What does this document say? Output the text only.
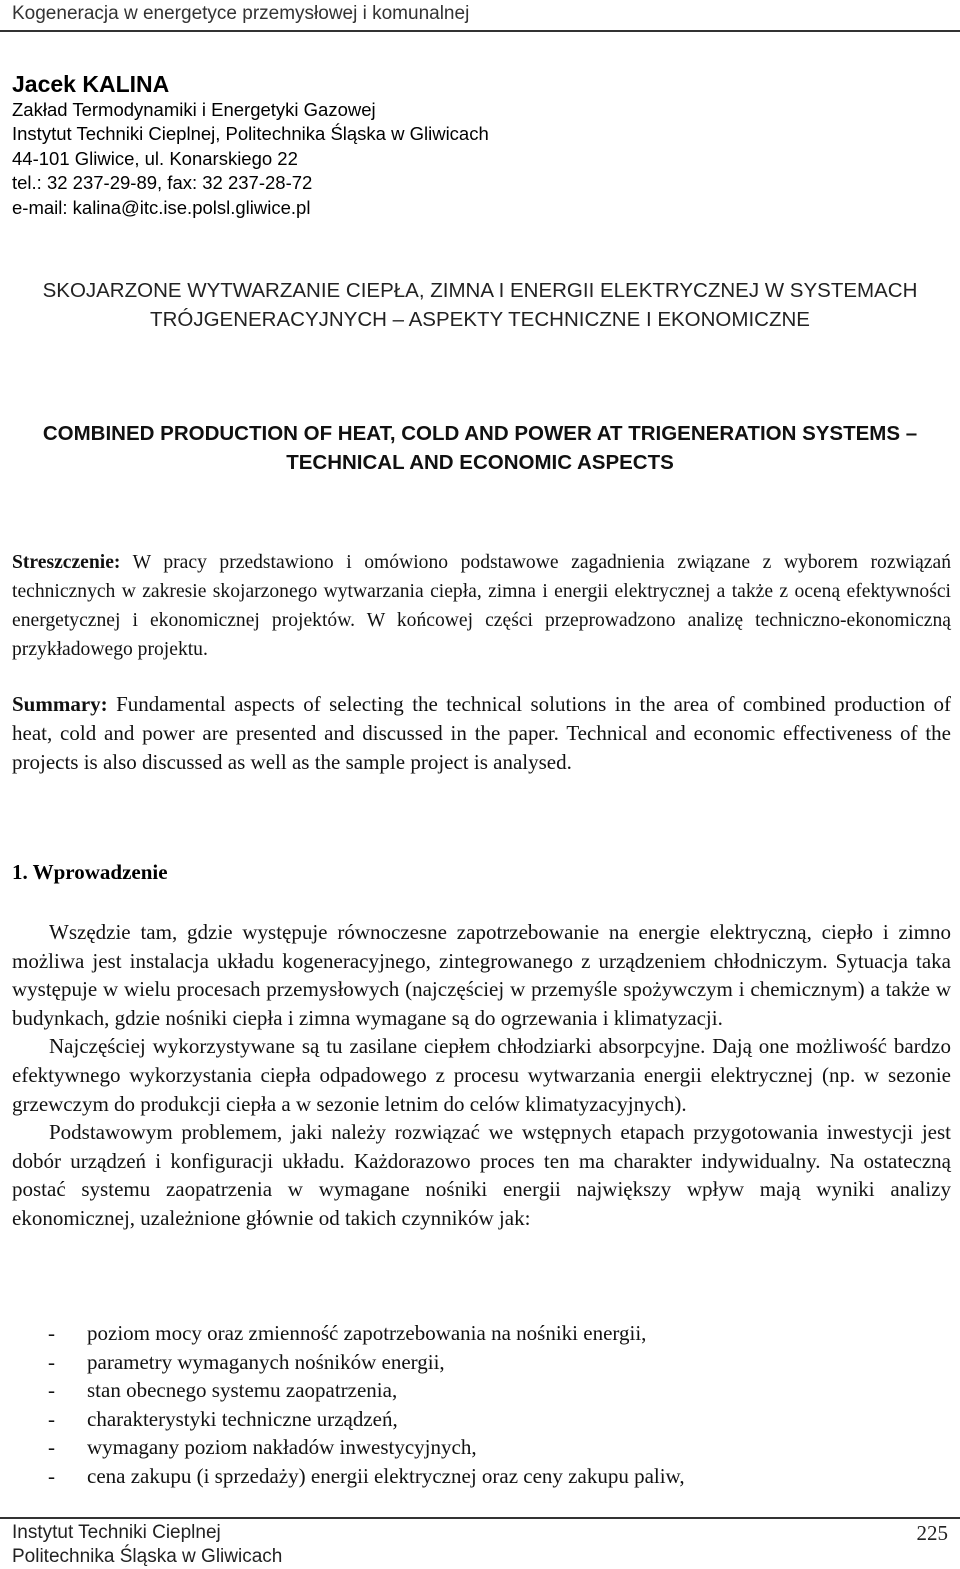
Kogeneracja w energetyce przemysłowej i komunalnej
Jacek KALINA
Zakład Termodynamiki i Energetyki Gazowej
Instytut Techniki Cieplnej, Politechnika Śląska w Gliwicach
44-101 Gliwice, ul. Konarskiego 22
tel.: 32 237-29-89, fax: 32 237-28-72
e-mail: kalina@itc.ise.polsl.gliwice.pl
SKOJARZONE WYTWARZANIE CIEPŁA, ZIMNA I ENERGII ELEKTRYCZNEJ W SYSTEMACH TRÓJGENERACYJNYCH – ASPEKTY TECHNICZNE I EKONOMICZNE
COMBINED PRODUCTION OF HEAT, COLD AND POWER AT TRIGENERATION SYSTEMS – TECHNICAL AND ECONOMIC ASPECTS
Streszczenie: W pracy przedstawiono i omówiono podstawowe zagadnienia związane z wyborem rozwiązań technicznych w zakresie skojarzonego wytwarzania ciepła, zimna i energii elektrycznej a także z oceną efektywności energetycznej i ekonomicznej projektów. W końcowej części przeprowadzono analizę techniczno-ekonomiczną przykładowego projektu.
Summary: Fundamental aspects of selecting the technical solutions in the area of combined production of heat, cold and power are presented and discussed in the paper. Technical and economic effectiveness of the projects is also discussed as well as the sample project is analysed.
1. Wprowadzenie

Wszędzie tam, gdzie występuje równoczesne zapotrzebowanie na energie elektryczną, ciepło i zimno możliwa jest instalacja układu kogeneracyjnego, zintegrowanego z urządzeniem chłodniczym. Sytuacja taka występuje w wielu procesach przemysłowych (najczęściej w przemyśle spożywczym i chemicznym) a także w budynkach, gdzie nośniki ciepła i zimna wymagane są do ogrzewania i klimatyzacji.

Najczęściej wykorzystywane są tu zasilane ciepłem chłodziarki absorpcyjne. Dają one możliwość bardzo efektywnego wykorzystania ciepła odpadowego z procesu wytwarzania energii elektrycznej (np. w sezonie grzewczym do produkcji ciepła a w sezonie letnim do celów klimatyzacyjnych).

Podstawowym problemem, jaki należy rozwiązać we wstępnych etapach przygotowania inwestycji jest dobór urządzeń i konfiguracji układu. Każdorazowo proces ten ma charakter indywidualny. Na ostateczną postać systemu zaopatrzenia w wymagane nośniki energii największy wpływ mają wyniki analizy ekonomicznej, uzależnione głównie od takich czynników jak:

- poziom mocy oraz zmienność zapotrzebowania na nośniki energii,
- parametry wymaganych nośników energii,
- stan obecnego systemu zaopatrzenia,
- charakterystyki techniczne urządzeń,
- wymagany poziom nakładów inwestycyjnych,
- cena zakupu (i sprzedaży) energii elektrycznej oraz ceny zakupu paliw,
Instytut Techniki Cieplnej
Politechnika Śląska w Gliwicach
225
